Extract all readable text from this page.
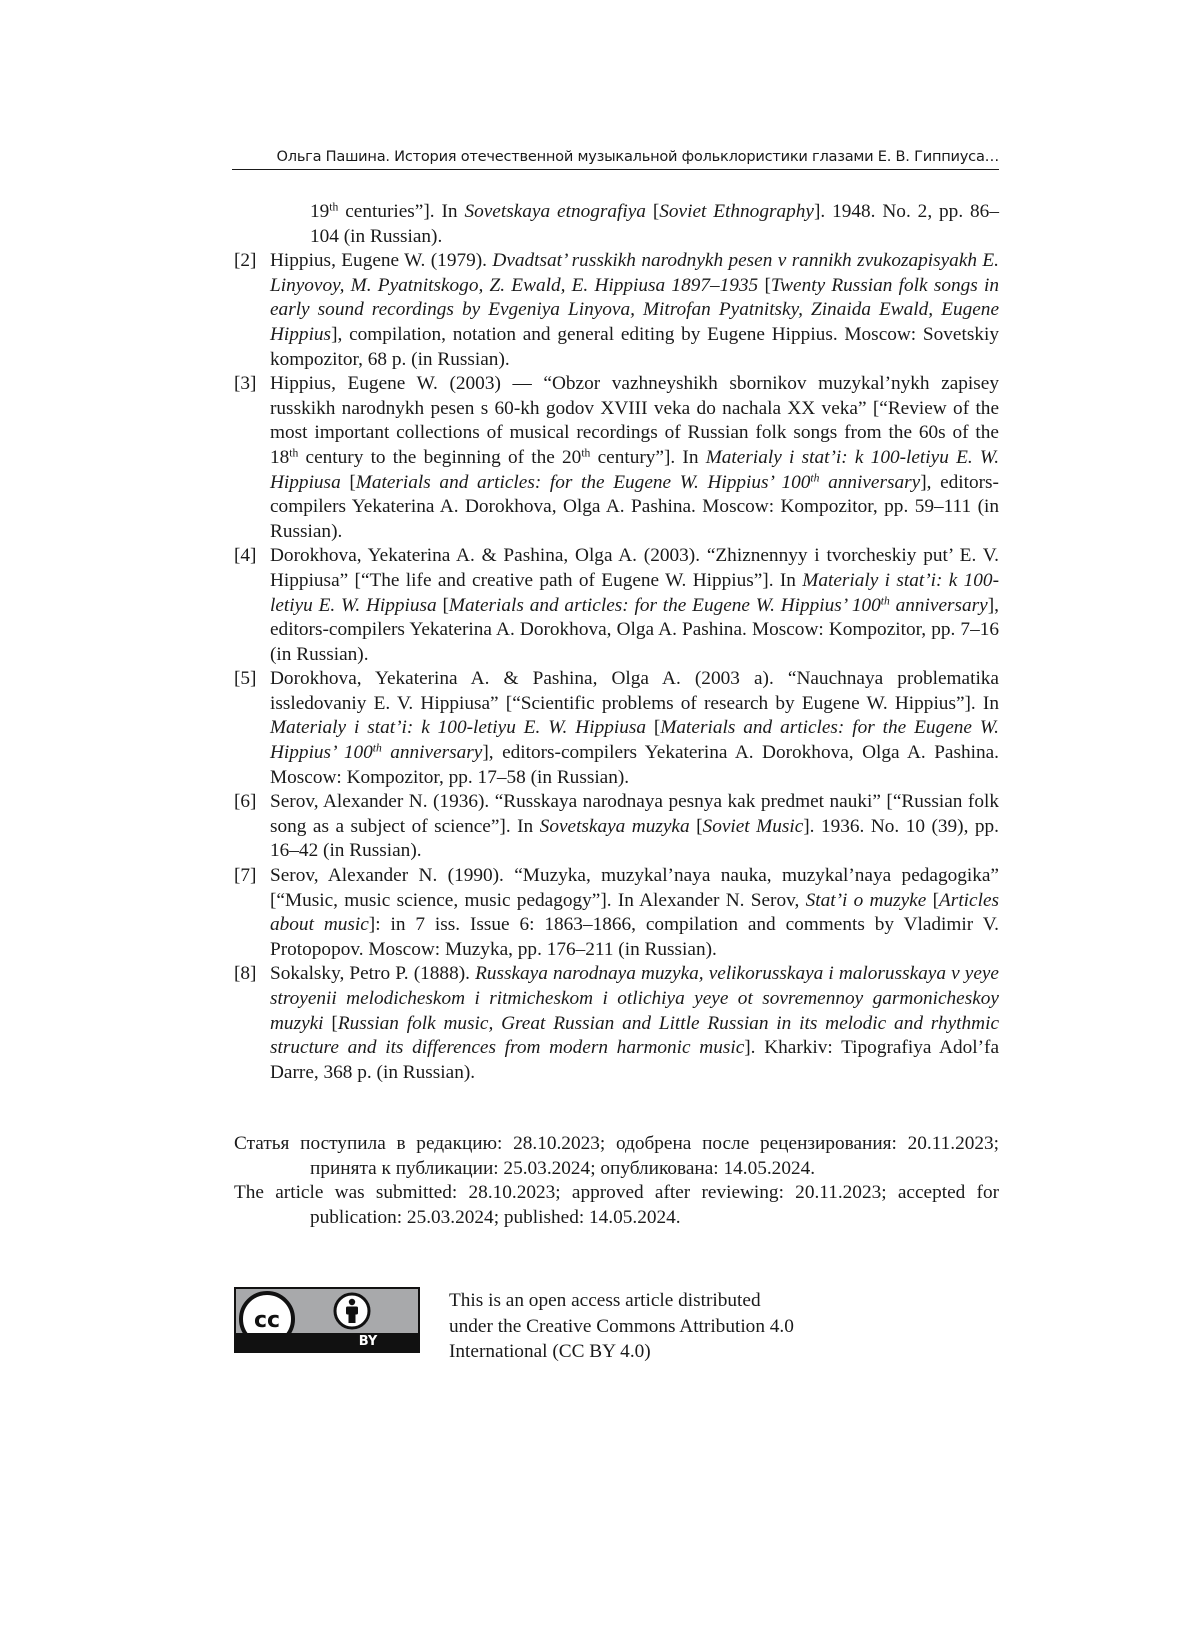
Ольга Пашина. История отечественной музыкальной фольклористики глазами Е. В. Гиппиуса…
19th centuries”]. In Sovetskaya etnografiya [Soviet Ethnography]. 1948. No. 2, pp. 86–104 (in Russian).
[2] Hippius, Eugene W. (1979). Dvadtsat’ russkikh narodnykh pesen v rannikh zvukozapisyakh E. Linyovoy, M. Pyatnitskogo, Z. Ewald, E. Hippiusa 1897–1935 [Twenty Russian folk songs in early sound recordings by Evgeniya Linyova, Mitrofan Pyatnitsky, Zinaida Ewald, Eugene Hippius], compilation, notation and general editing by Eugene Hippius. Moscow: Sovetskiy kompozitor, 68 p. (in Russian).
[3] Hippius, Eugene W. (2003) — “Obzor vazhneyshikh sbornikov muzykal’nykh zapisey russkikh narodnykh pesen s 60-kh godov XVIII veka do nachala XX veka” [“Review of the most important collections of musical recordings of Russian folk songs from the 60s of the 18th century to the beginning of the 20th century”]. In Materialy i stat’i: k 100-letiyu E. W. Hippiusa [Materials and articles: for the Eugene W. Hippius’ 100th anniversary], editors-compilers Yekaterina A. Dorokhova, Olga A. Pashina. Moscow: Kompozitor, pp. 59–111 (in Russian).
[4] Dorokhova, Yekaterina A. & Pashina, Olga A. (2003). “Zhiznennyy i tvorcheskiy put’ E. V. Hippiusa” [“The life and creative path of Eugene W. Hippius”]. In Materialy i stat’i: k 100-letiyu E. W. Hippiusa [Materials and articles: for the Eugene W. Hippius’ 100th anniversary], editors-compilers Yekaterina A. Dorokhova, Olga A. Pashina. Moscow: Kompozitor, pp. 7–16 (in Russian).
[5] Dorokhova, Yekaterina A. & Pashina, Olga A. (2003 a). “Nauchnaya problematika issledovaniy E. V. Hippiusa” [“Scientific problems of research by Eugene W. Hippius”]. In Materialy i stat’i: k 100-letiyu E. W. Hippiusa [Materials and articles: for the Eugene W. Hippius’ 100th anniversary], editors-compilers Yekaterina A. Dorokhova, Olga A. Pashina. Moscow: Kompozitor, pp. 17–58 (in Russian).
[6] Serov, Alexander N. (1936). “Russkaya narodnaya pesnya kak predmet nauki” [“Russian folk song as a subject of science”]. In Sovetskaya muzyka [Soviet Music]. 1936. No. 10 (39), pp. 16–42 (in Russian).
[7] Serov, Alexander N. (1990). “Muzyka, muzykal’naya nauka, muzykal’naya pedagogika” [“Music, music science, music pedagogy”]. In Alexander N. Serov, Stat’i o muzyke [Articles about music]: in 7 iss. Issue 6: 1863–1866, compilation and comments by Vladimir V. Protopopov. Moscow: Muzyka, pp. 176–211 (in Russian).
[8] Sokalsky, Petro P. (1888). Russkaya narodnaya muzyka, velikorusskaya i malorusskaya v yeye stroyenii melodicheskom i ritmicheskom i otlichiya yeye ot sovremennoy garmonicheskoy muzyki [Russian folk music, Great Russian and Little Russian in its melodic and rhythmic structure and its differences from modern harmonic music]. Kharkiv: Tipografiya Adol’fa Darre, 368 p. (in Russian).
Статья поступила в редакцию: 28.10.2023; одобрена после рецензирования: 20.11.2023; принята к публикации: 25.03.2024; опубликована: 14.05.2024.
The article was submitted: 28.10.2023; approved after reviewing: 20.11.2023; accepted for publication: 25.03.2024; published: 14.05.2024.
cc
BY
This is an open access article distributed
under the Creative Commons Attribution 4.0
International (CC BY 4.0)
